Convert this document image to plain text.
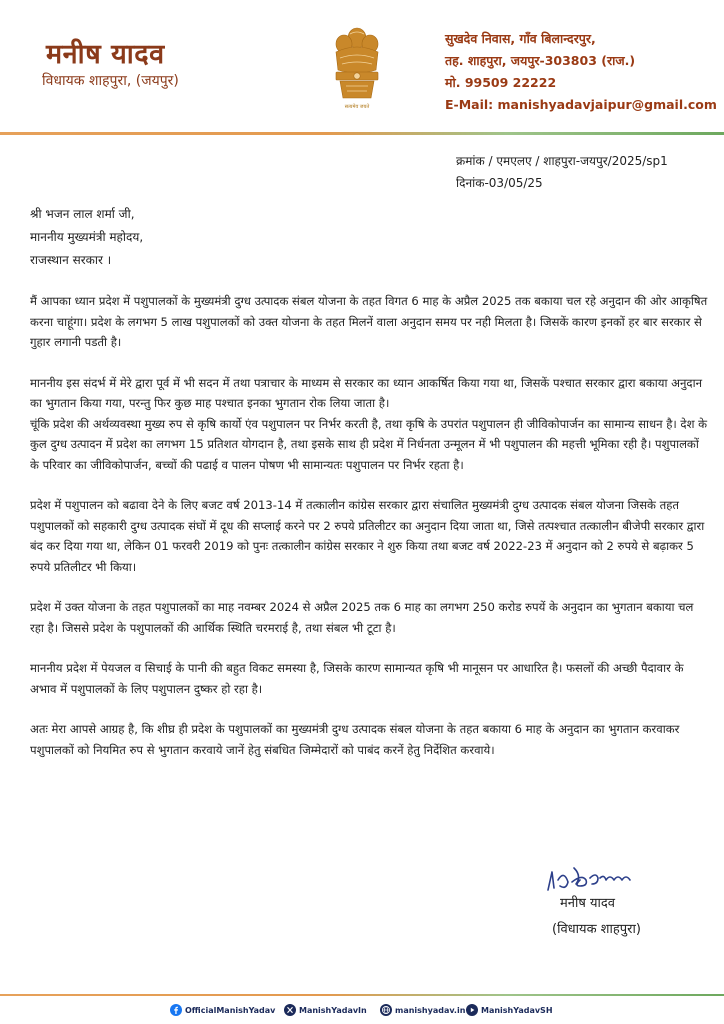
मनीष यादव
विधायक शाहपुरा, (जयपुर)
सत्यमेव जयते
सुखदेव निवास, गाँव बिलान्दरपुर,
तह. शाहपुरा, जयपुर-303803 (राज.)
मो. 99509 22222
E-Mail: manishyadavjaipur@gmail.com
क्रमांक / एमएलए / शाहपुरा-जयपुर/2025/sp1
दिनांक-03/05/25
श्री भजन लाल शर्मा जी,
माननीय मुख्यमंत्री महोदय,
राजस्थान सरकार ।

मैं आपका ध्यान प्रदेश में पशुपालकों के मुख्यमंत्री दुग्ध उत्पादक संबल योजना के तहत विगत 6 माह के अप्रैल 2025 तक बकाया चल रहे अनुदान की ओर आकृषित करना चाहूंगा। प्रदेश के लगभग 5 लाख पशुपालकों को उक्त योजना के तहत मिलनें वाला अनुदान समय पर नही मिलता है। जिसकें कारण इनकों हर बार सरकार से गुहार लगानी पडती है।

माननीय इस संदर्भ में मेरे द्वारा पूर्व में भी सदन में तथा पत्राचार के माध्यम से सरकार का ध्यान आकर्षित किया गया था, जिसकें पश्चात सरकार द्वारा बकाया अनुदान का भुगतान किया गया, परन्तु फिर कुछ माह पश्चात इनका भुगतान रोक लिया जाता है।

चूंकि प्रदेश की अर्थव्यवस्था मुख्य रुप से कृषि कार्यो एंव पशुपालन पर निर्भर करती है, तथा कृषि के उपरांत पशुपालन ही जीविकोपार्जन का सामान्य साधन है। देश के कुल दुग्ध उत्पादन में प्रदेश का लगभग 15 प्रतिशत योगदान है, तथा इसके साथ ही प्रदेश में निर्धनता उन्मूलन में भी पशुपालन की महत्ती भूमिका रही है। पशुपालकों के परिवार का जीविकोपार्जन, बच्चों की पढाई व पालन पोषण भी सामान्यतः पशुपालन पर निर्भर रहता है।

प्रदेश में पशुपालन को बढावा देने के लिए बजट वर्ष 2013-14 में तत्कालीन कांग्रेस सरकार द्वारा संचालित मुख्यमंत्री दुग्ध उत्पादक संबल योजना जिसके तहत पशुपालकों को सहकारी दुग्ध उत्पादक संघों में दूध की सप्लाई करने पर 2 रुपये प्रतिलीटर का अनुदान दिया जाता था, जिसे तत्पश्चात तत्कालीन बीजेपी सरकार द्वारा बंद कर दिया गया था, लेकिन 01 फरवरी 2019 को पुनः तत्कालीन कांग्रेस सरकार ने शुरु किया तथा बजट वर्ष 2022-23 में अनुदान को 2 रुपये से बढ़ाकर 5 रुपये प्रतिलीटर भी किया।

प्रदेश में उक्त योजना के तहत पशुपालकों का माह नवम्बर 2024 से अप्रैल 2025 तक 6 माह का लगभग 250 करोड रुपयें के अनुदान का भुगतान बकाया चल रहा है। जिससे प्रदेश के पशुपालकों की आर्थिक स्थिति चरमराई है, तथा संबल भी टूटा है।

माननीय प्रदेश में पेयजल व सिचाई के पानी की बहुत विकट समस्या है, जिसके कारण सामान्यत कृषि भी मानूसन पर आधारित है। फसलों की अच्छी पैदावार के अभाव में पशुपालकों के लिए पशुपालन दुष्कर हो रहा है।

अतः मेरा आपसे आग्रह है, कि शीघ्र ही प्रदेश के पशुपालकों का मुख्यमंत्री दुग्ध उत्पादक संबल योजना के तहत बकाया 6 माह के अनुदान का भुगतान करवाकर पशुपालकों को नियमित रुप से भुगतान करवाये जानें हेतु संबधित जिम्मेदारों को पाबंद करनें हेतु निर्देशित करवाये।

मनीष यादव
(विधायक शाहपुरा)
OfficialManishYadav	ManishYadavIn	manishyadav.in ManishYadavSH
